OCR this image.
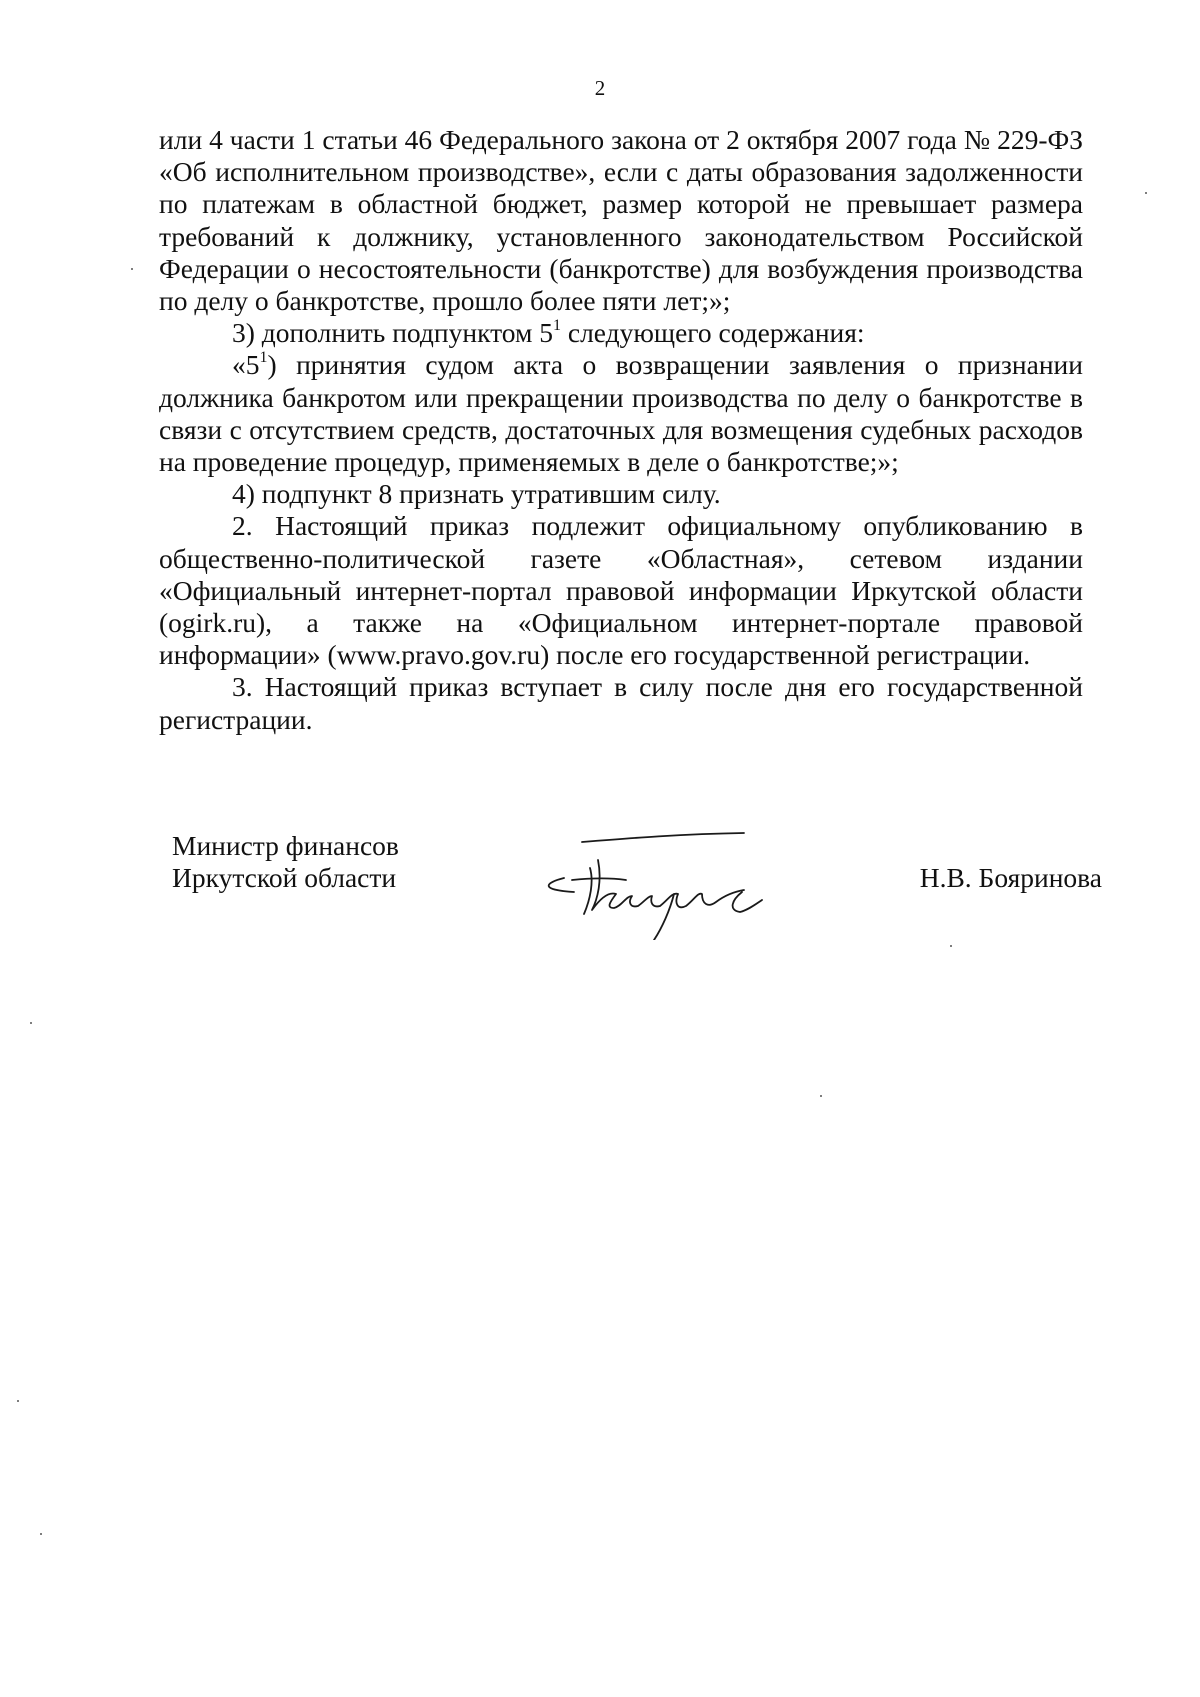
2

или 4 части 1 статьи 46 Федерального закона от 2 октября 2007 года № 229-ФЗ «Об исполнительном производстве», если с даты образования задолженности по платежам в областной бюджет, размер которой не превышает размера требований к должнику, установленного законодательством Российской Федерации о несостоятельности (банкротстве) для возбуждения производства по делу о банкротстве, прошло более пяти лет;»;

3) дополнить подпунктом $5^1$ следующего содержания:

«$5^1$) принятия судом акта о возвращении заявления о признании должника банкротом или прекращении производства по делу о банкротстве в связи с отсутствием средств, достаточных для возмещения судебных расходов на проведение процедур, применяемых в деле о банкротстве;»;

4) подпункт 8 признать утратившим силу.

2. Настоящий приказ подлежит официальному опубликованию в общественно-политической газете «Областная», сетевом издании «Официальный интернет-портал правовой информации Иркутской области (ogirk.ru), а также на «Официальном интернет-портале правовой информации» (www.pravo.gov.ru) после его государственной регистрации.

3. Настоящий приказ вступает в силу после дня его государственной регистрации.

Министр финансов
Иркутской области	Н.В. Бояринова
